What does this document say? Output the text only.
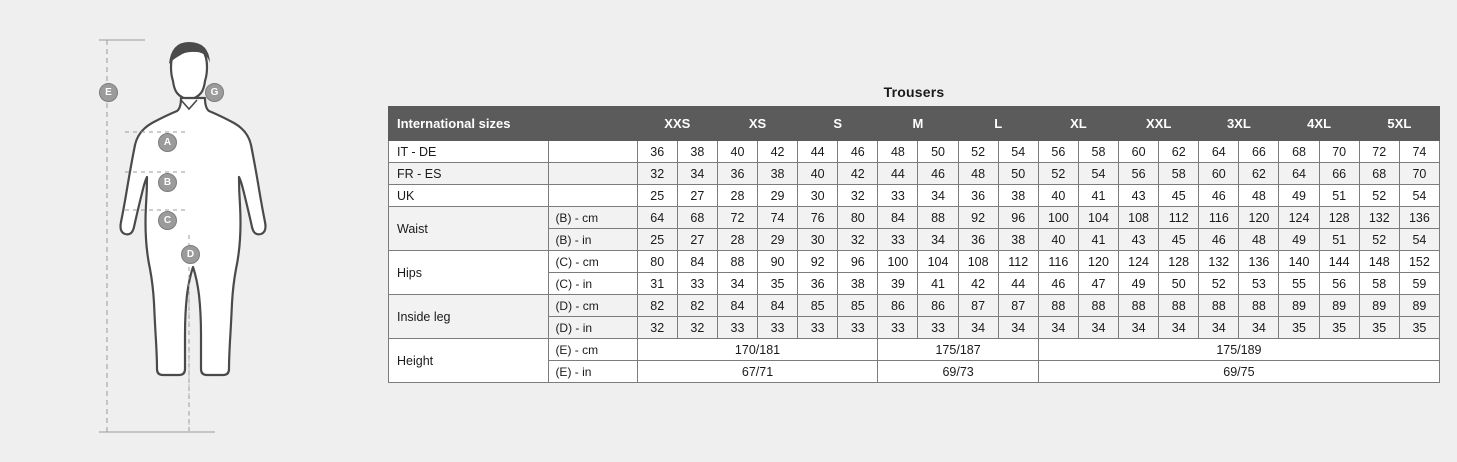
E	G
A
B
C
D
Trousers
International sizes		XXS		XS		S		M		L		XL		XXL		3XL		4XL		5XL	
IT - DE		36	38	40	42	44	46	48	50	52	54	56	58	60	62	64	66	68	70	72	74
FR - ES		32	34	36	38	40	42	44	46	48	50	52	54	56	58	60	62	64	66	68	70
UK		25	27	28	29	30	32	33	34	36	38	40	41	43	45	46	48	49	51	52	54
Waist	(B) - cm	64	68	72	74	76	80	84	88	92	96	100	104	108	112	116	120	124	128	132	136
	(B) - in	25	27	28	29	30	32	33	34	36	38	40	41	43	45	46	48	49	51	52	54
Hips	(C) - cm	80	84	88	90	92	96	100	104	108	112	116	120	124	128	132	136	140	144	148	152
	(C) - in	31	33	34	35	36	38	39	41	42	44	46	47	49	50	52	53	55	56	58	59
Inside leg	(D) - cm	82	82	84	84	85	85	86	86	87	87	88	88	88	88	88	88	89	89	89	89
	(D) - in	32	32	33	33	33	33	33	33	34	34	34	34	34	34	34	34	35	35	35	35
Height	(E) - cm	170/181						175/187				175/189									
	(E) - in	67/71						69/73				69/75									
